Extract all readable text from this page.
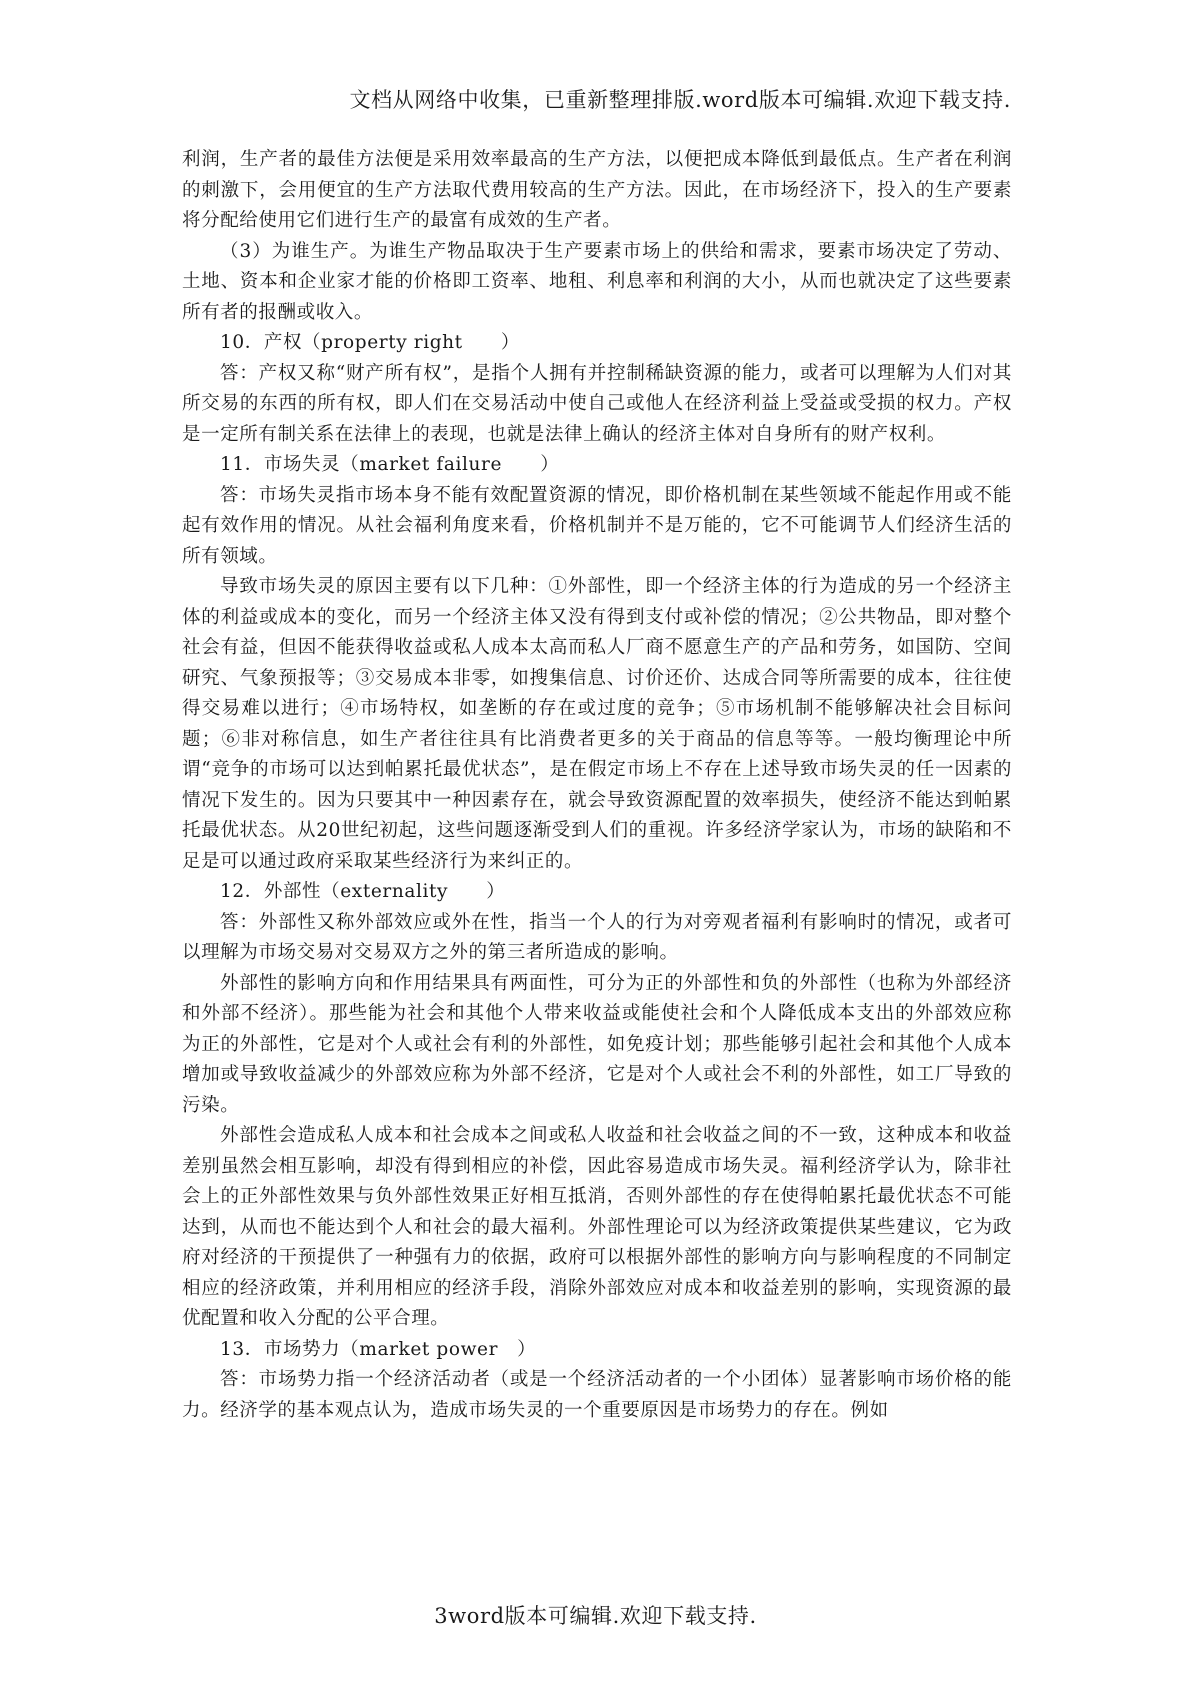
文档从网络中收集，已重新整理排版.word版本可编辑.欢迎下载支持.

利润，生产者的最佳方法便是采用效率最高的生产方法，以便把成本降低到最低点。生产者在利润的刺激下，会用便宜的生产方法取代费用较高的生产方法。因此，在市场经济下，投入的生产要素将分配给使用它们进行生产的最富有成效的生产者。

（3）为谁生产。为谁生产物品取决于生产要素市场上的供给和需求，要素市场决定了劳动、土地、资本和企业家才能的价格即工资率、地租、利息率和利润的大小，从而也就决定了这些要素所有者的报酬或收入。

10．产权（property right　　）

答：产权又称“财产所有权”，是指个人拥有并控制稀缺资源的能力，或者可以理解为人们对其所交易的东西的所有权，即人们在交易活动中使自己或他人在经济利益上受益或受损的权力。产权是一定所有制关系在法律上的表现，也就是法律上确认的经济主体对自身所有的财产权利。

11．市场失灵（market failure　　）

答：市场失灵指市场本身不能有效配置资源的情况，即价格机制在某些领域不能起作用或不能起有效作用的情况。从社会福利角度来看，价格机制并不是万能的，它不可能调节人们经济生活的所有领域。

导致市场失灵的原因主要有以下几种：①外部性，即一个经济主体的行为造成的另一个经济主体的利益或成本的变化，而另一个经济主体又没有得到支付或补偿的情况；②公共物品，即对整个社会有益，但因不能获得收益或私人成本太高而私人厂商不愿意生产的产品和劳务，如国防、空间研究、气象预报等；③交易成本非零，如搜集信息、讨价还价、达成合同等所需要的成本，往往使得交易难以进行；④市场特权，如垄断的存在或过度的竞争；⑤市场机制不能够解决社会目标问题；⑥非对称信息，如生产者往往具有比消费者更多的关于商品的信息等等。一般均衡理论中所谓“竞争的市场可以达到帕累托最优状态”，是在假定市场上不存在上述导致市场失灵的任一因素的情况下发生的。因为只要其中一种因素存在，就会导致资源配置的效率损失，使经济不能达到帕累托最优状态。从20世纪初起，这些问题逐渐受到人们的重视。许多经济学家认为，市场的缺陷和不足是可以通过政府采取某些经济行为来纠正的。

12．外部性（externality　　）

答：外部性又称外部效应或外在性，指当一个人的行为对旁观者福利有影响时的情况，或者可以理解为市场交易对交易双方之外的第三者所造成的影响。

外部性的影响方向和作用结果具有两面性，可分为正的外部性和负的外部性（也称为外部经济和外部不经济）。那些能为社会和其他个人带来收益或能使社会和个人降低成本支出的外部效应称为正的外部性，它是对个人或社会有利的外部性，如免疫计划；那些能够引起社会和其他个人成本增加或导致收益减少的外部效应称为外部不经济，它是对个人或社会不利的外部性，如工厂导致的污染。

外部性会造成私人成本和社会成本之间或私人收益和社会收益之间的不一致，这种成本和收益差别虽然会相互影响，却没有得到相应的补偿，因此容易造成市场失灵。福利经济学认为，除非社会上的正外部性效果与负外部性效果正好相互抵消，否则外部性的存在使得帕累托最优状态不可能达到，从而也不能达到个人和社会的最大福利。外部性理论可以为经济政策提供某些建议，它为政府对经济的干预提供了一种强有力的依据，政府可以根据外部性的影响方向与影响程度的不同制定相应的经济政策，并利用相应的经济手段，消除外部效应对成本和收益差别的影响，实现资源的最优配置和收入分配的公平合理。

13．市场势力（market power　）

答：市场势力指一个经济活动者（或是一个经济活动者的一个小团体）显著影响市场价格的能力。经济学的基本观点认为，造成市场失灵的一个重要原因是市场势力的存在。例如

3word版本可编辑.欢迎下载支持.
